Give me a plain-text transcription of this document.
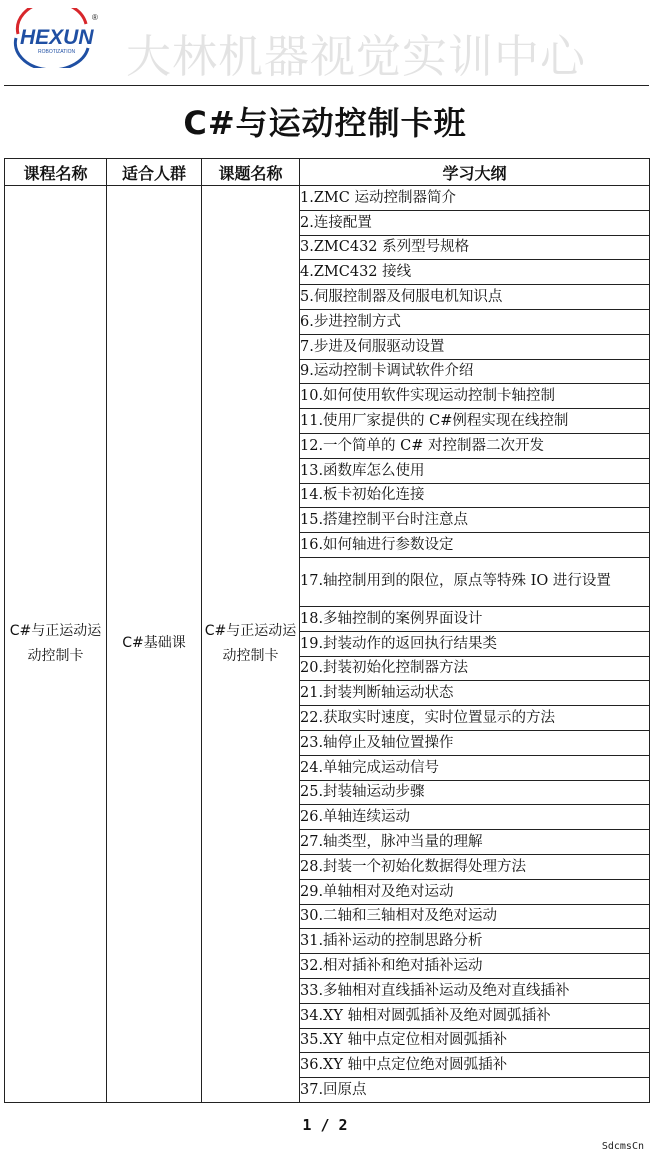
HEXUN
ROBOTIZATION
®
大林机器视觉实训中心
C#与运动控制卡班
课程名称	适合人群	课题名称	学习大纲
C#与正运动运动控制卡	C#基础课	C#与正运动运动控制卡	1.ZMC 运动控制器简介
			2.连接配置
			3.ZMC432 系列型号规格
			4.ZMC432 接线
			5.伺服控制器及伺服电机知识点
			6.步进控制方式
			7.步进及伺服驱动设置
			9.运动控制卡调试软件介绍
			10.如何使用软件实现运动控制卡轴控制
			11.使用厂家提供的 C#例程实现在线控制
			12.一个简单的 C# 对控制器二次开发
			13.函数库怎么使用
			14.板卡初始化连接
			15.搭建控制平台时注意点
			16.如何轴进行参数设定
			17.轴控制用到的限位，原点等特殊 IO 进行设置
			18.多轴控制的案例界面设计
			19.封装动作的返回执行结果类
			20.封装初始化控制器方法
			21.封装判断轴运动状态
			22.获取实时速度，实时位置显示的方法
			23.轴停止及轴位置操作
			24.单轴完成运动信号
			25.封装轴运动步骤
			26.单轴连续运动
			27.轴类型，脉冲当量的理解
			28.封装一个初始化数据得处理方法
			29.单轴相对及绝对运动
			30.二轴和三轴相对及绝对运动
			31.插补运动的控制思路分析
			32.相对插补和绝对插补运动
			33.多轴相对直线插补运动及绝对直线插补
			34.XY 轴相对圆弧插补及绝对圆弧插补
			35.XY 轴中点定位相对圆弧插补
			36.XY 轴中点定位绝对圆弧插补
			37.回原点
1 / 2
SdcmsCn
